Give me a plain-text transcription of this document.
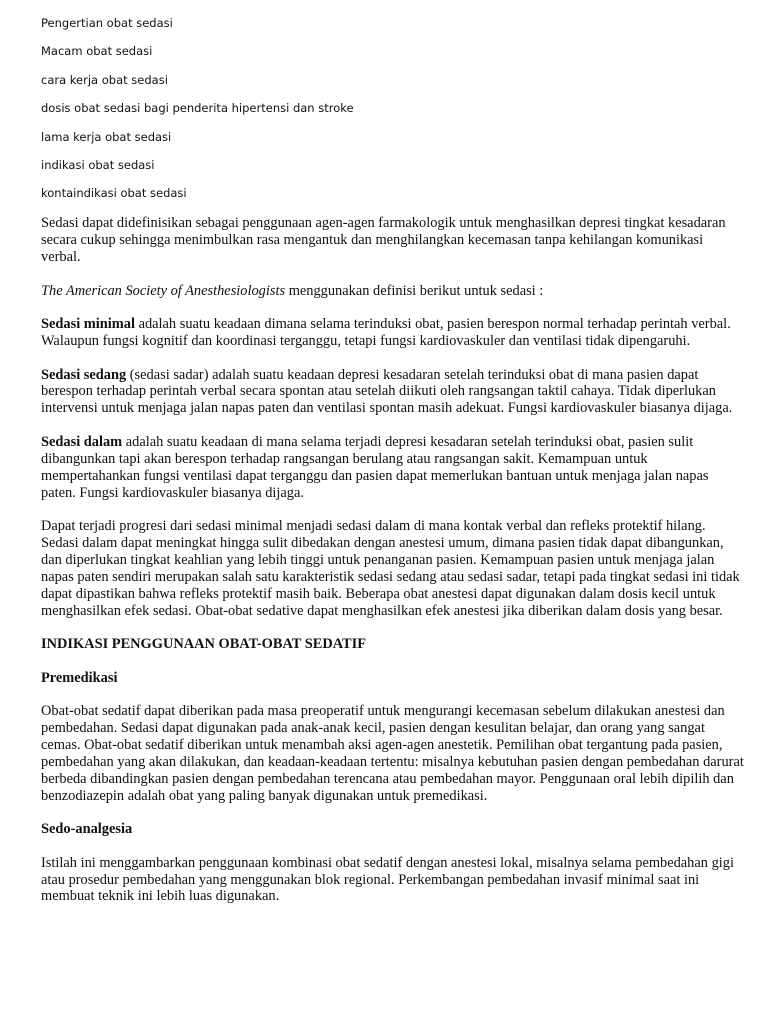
Pengertian obat sedasi
Macam obat sedasi
cara kerja obat sedasi
dosis obat sedasi bagi penderita hipertensi dan stroke
lama kerja obat sedasi
indikasi obat sedasi
kontaindikasi obat sedasi

Sedasi dapat didefinisikan sebagai penggunaan agen-agen farmakologik untuk menghasilkan depresi tingkat kesadaran secara cukup sehingga menimbulkan rasa mengantuk dan menghilangkan kecemasan tanpa kehilangan komunikasi verbal.

The American Society of Anesthesiologists menggunakan definisi berikut untuk sedasi :

Sedasi minimal adalah suatu keadaan dimana selama terinduksi obat, pasien berespon normal terhadap perintah verbal. Walaupun fungsi kognitif dan koordinasi terganggu, tetapi fungsi kardiovaskuler dan ventilasi tidak dipengaruhi.

Sedasi sedang (sedasi sadar) adalah suatu keadaan depresi kesadaran setelah terinduksi obat di mana pasien dapat berespon terhadap perintah verbal secara spontan atau setelah diikuti oleh rangsangan taktil cahaya. Tidak diperlukan intervensi untuk menjaga jalan napas paten dan ventilasi spontan masih adekuat. Fungsi kardiovaskuler biasanya dijaga.

Sedasi dalam adalah suatu keadaan di mana selama terjadi depresi kesadaran setelah terinduksi obat, pasien sulit dibangunkan tapi akan berespon terhadap rangsangan berulang atau rangsangan sakit. Kemampuan untuk mempertahankan fungsi ventilasi dapat terganggu dan pasien dapat memerlukan bantuan untuk menjaga jalan napas paten. Fungsi kardiovaskuler biasanya dijaga.

Dapat terjadi progresi dari sedasi minimal menjadi sedasi dalam di mana kontak verbal dan refleks protektif hilang. Sedasi dalam dapat meningkat hingga sulit dibedakan dengan anestesi umum, dimana pasien tidak dapat dibangunkan, dan diperlukan tingkat keahlian yang lebih tinggi untuk penanganan pasien. Kemampuan pasien untuk menjaga jalan napas paten sendiri merupakan salah satu karakteristik sedasi sedang atau sedasi sadar, tetapi pada tingkat sedasi ini tidak dapat dipastikan bahwa refleks protektif masih baik. Beberapa obat anestesi dapat digunakan dalam dosis kecil untuk menghasilkan efek sedasi. Obat-obat sedative dapat menghasilkan efek anestesi jika diberikan dalam dosis yang besar.

INDIKASI PENGGUNAAN OBAT-OBAT SEDATIF
Premedikasi

Obat-obat sedatif dapat diberikan pada masa preoperatif untuk mengurangi kecemasan sebelum dilakukan anestesi dan pembedahan. Sedasi dapat digunakan pada anak-anak kecil, pasien dengan kesulitan belajar, dan orang yang sangat cemas. Obat-obat sedatif diberikan untuk menambah aksi agen-agen anestetik. Pemilihan obat tergantung pada pasien, pembedahan yang akan dilakukan, dan keadaan-keadaan tertentu: misalnya kebutuhan pasien dengan pembedahan darurat berbeda dibandingkan pasien dengan pembedahan terencana atau pembedahan mayor. Penggunaan oral lebih dipilih dan benzodiazepin adalah obat yang paling banyak digunakan untuk premedikasi.

Sedo-analgesia

Istilah ini menggambarkan penggunaan kombinasi obat sedatif dengan anestesi lokal, misalnya selama pembedahan gigi atau prosedur pembedahan yang menggunakan blok regional. Perkembangan pembedahan invasif minimal saat ini membuat teknik ini lebih luas digunakan.
